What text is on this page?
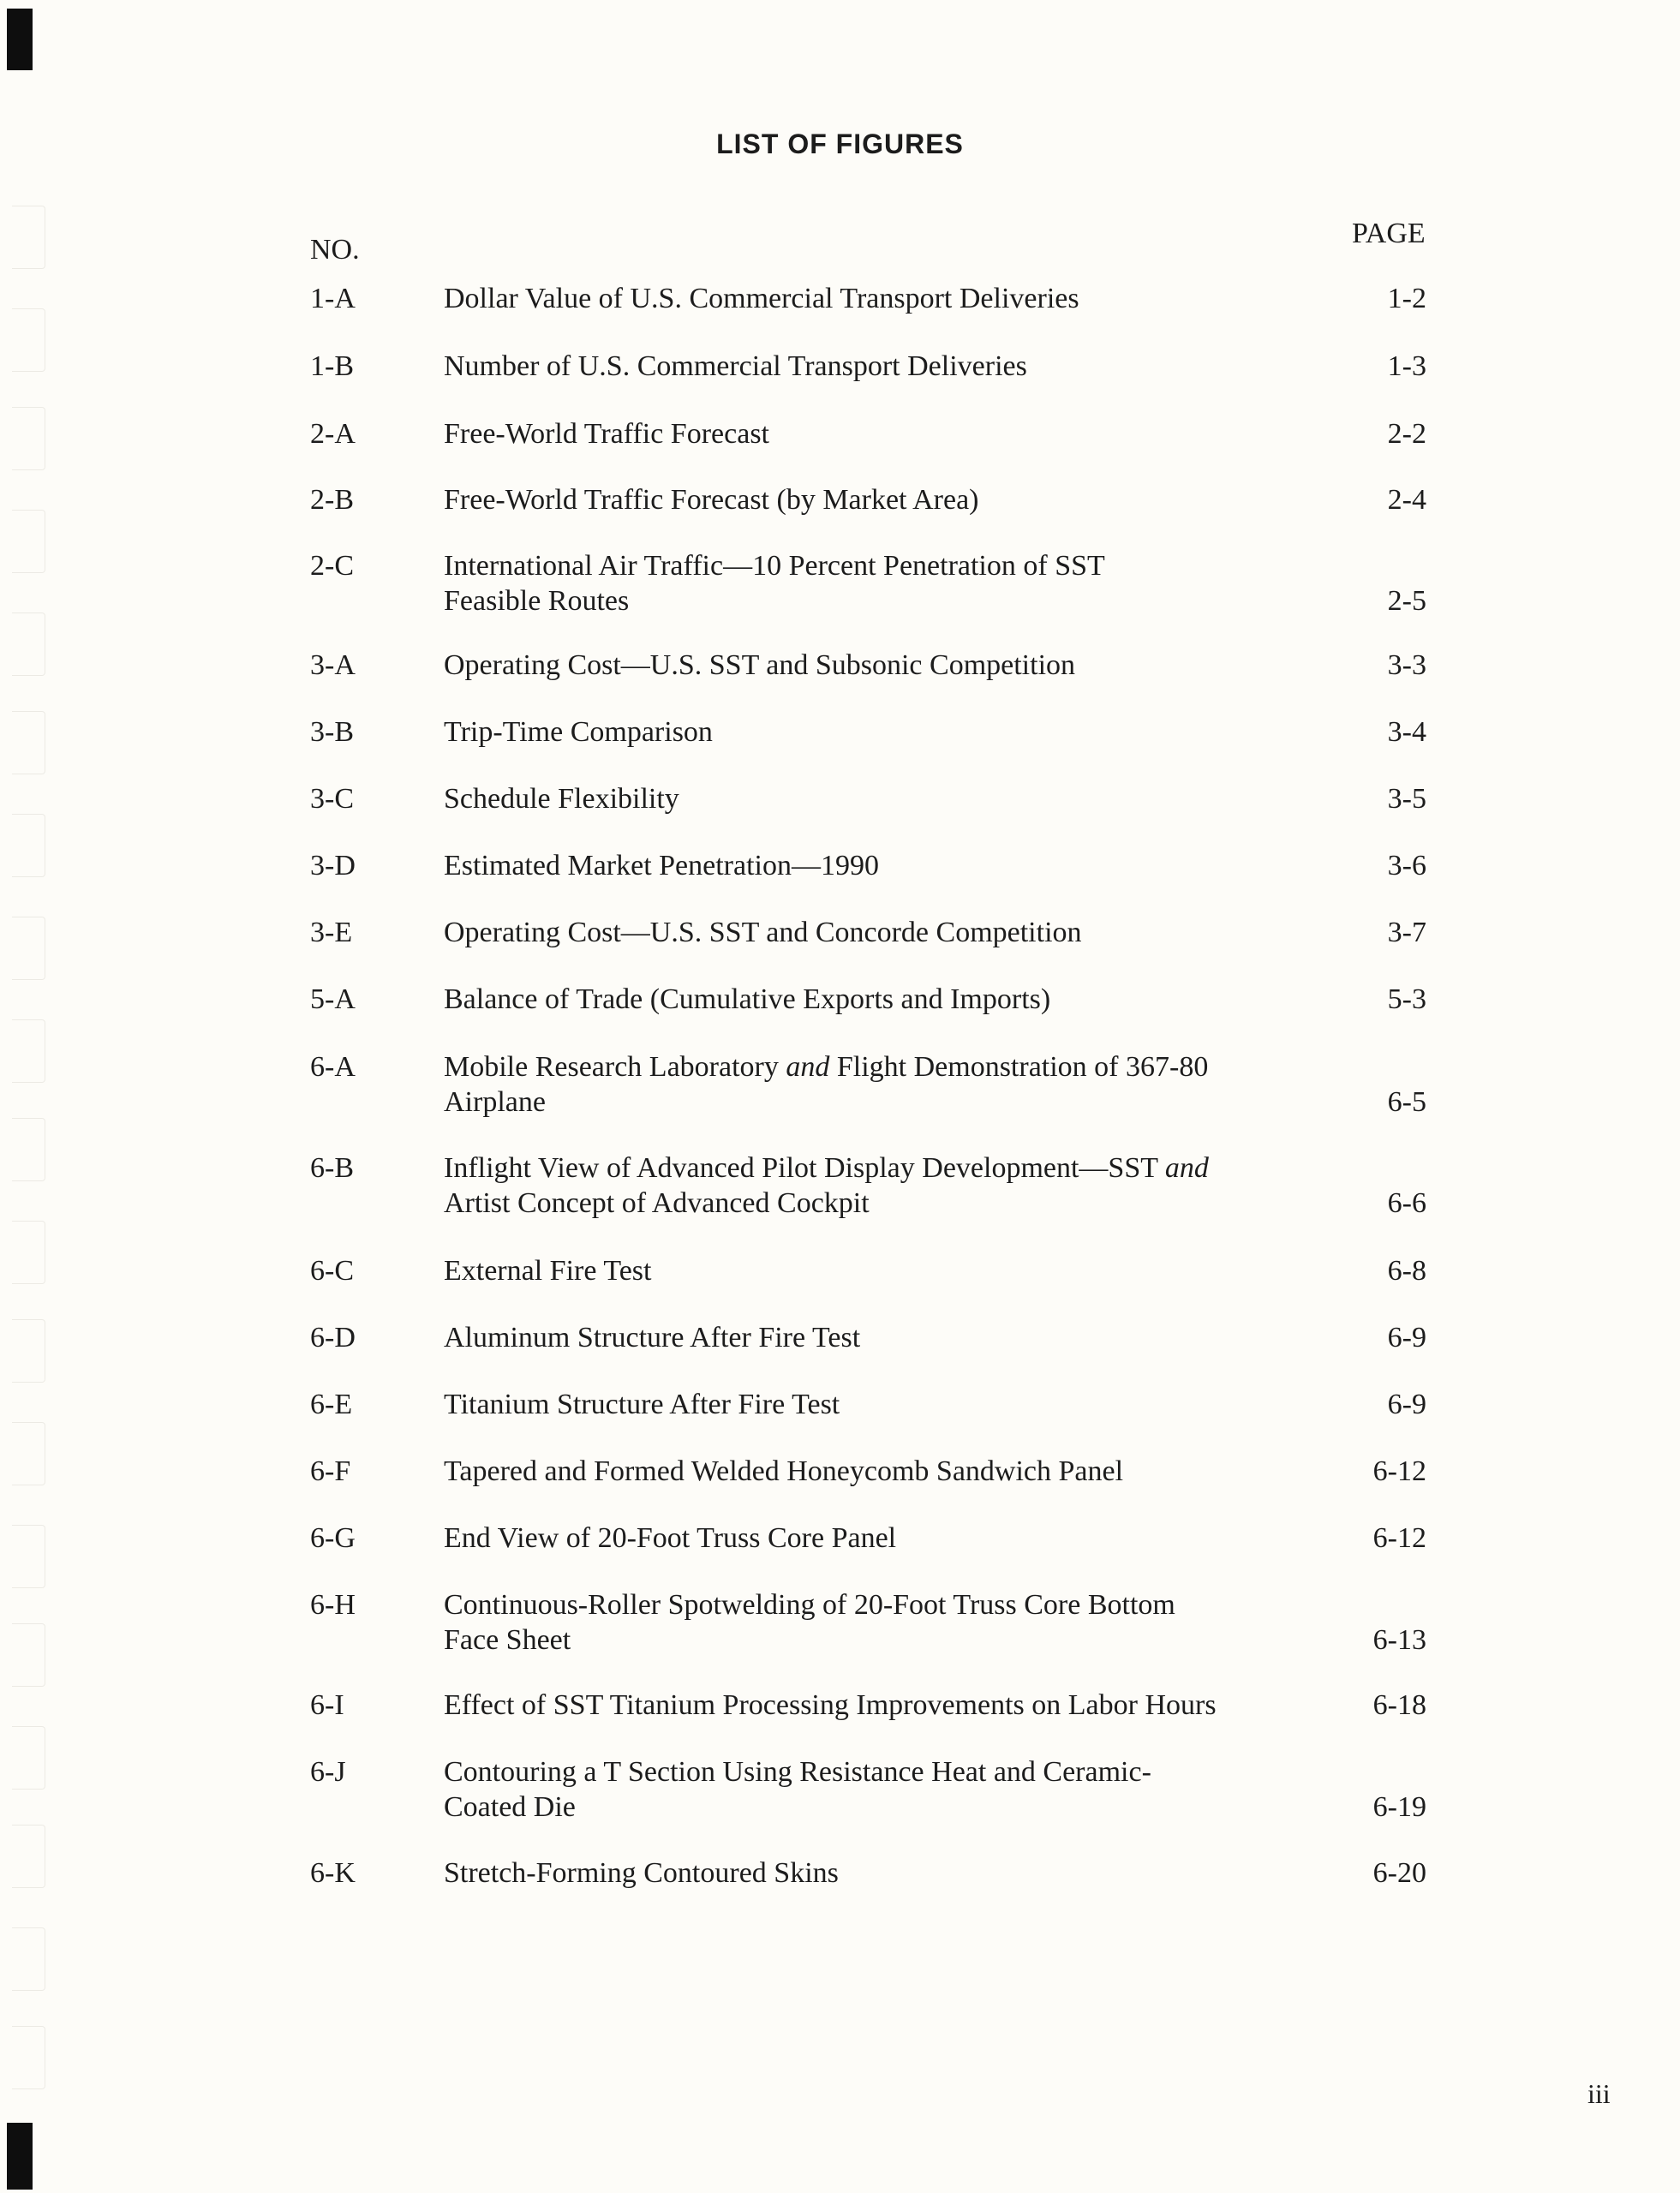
LIST OF FIGURES
NO.
PAGE
1-A	Dollar Value of U.S. Commercial Transport Deliveries	1-2
1-B	Number of U.S. Commercial Transport Deliveries	1-3
2-A	Free-World Traffic Forecast	2-2
2-B	Free-World Traffic Forecast (by Market Area)	2-4
2-C	International Air Traffic—10 Percent Penetration of SST
Feasible Routes	2-5
3-A	Operating Cost—U.S. SST and Subsonic Competition	3-3
3-B	Trip-Time Comparison	3-4
3-C	Schedule Flexibility	3-5
3-D	Estimated Market Penetration—1990	3-6
3-E	Operating Cost—U.S. SST and Concorde Competition	3-7
5-A	Balance of Trade (Cumulative Exports and Imports)	5-3
6-A	Mobile Research Laboratory and Flight Demonstration of 367-80
Airplane	6-5
6-B	Inflight View of Advanced Pilot Display Development—SST and
Artist Concept of Advanced Cockpit	6-6
6-C	External Fire Test	6-8
6-D	Aluminum Structure After Fire Test	6-9
6-E	Titanium Structure After Fire Test	6-9
6-F	Tapered and Formed Welded Honeycomb Sandwich Panel	6-12
6-G	End View of 20-Foot Truss Core Panel	6-12
6-H	Continuous-Roller Spotwelding of 20-Foot Truss Core Bottom
Face Sheet	6-13
6-I	Effect of SST Titanium Processing Improvements on Labor Hours	6-18
6-J	Contouring a T Section Using Resistance Heat and Ceramic-
Coated Die	6-19
6-K	Stretch-Forming Contoured Skins	6-20
iii
